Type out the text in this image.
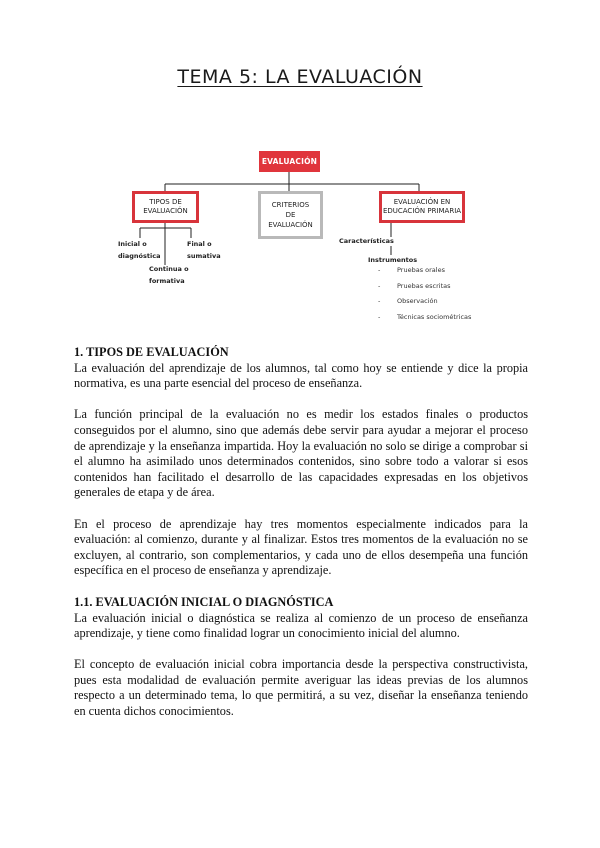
TEMA 5: LA EVALUACIÓN
EVALUACIÓN
TIPOS DE
EVALUACIÓN
CRITERIOS
DE
EVALUACIÓN
EVALUACIÓN EN
EDUCACIÓN PRIMARIA
Inicial o
diagnóstica
Final o
sumativa
Continua o
formativa
Características
Instrumentos
- Pruebas orales
- Pruebas escritas
- Observación
- Técnicas sociométricas
1. TIPOS DE EVALUACIÓN

La evaluación del aprendizaje de los alumnos, tal como hoy se entiende y dice la propia normativa, es una parte esencial del proceso de enseñanza.

La función principal de la evaluación no es medir los estados finales o productos conseguidos por el alumno, sino que además debe servir para ayudar a mejorar el proceso de aprendizaje y la enseñanza impartida. Hoy la evaluación no solo se dirige a comprobar si el alumno ha asimilado unos determinados contenidos, sino sobre todo a valorar si esos contenidos han facilitado el desarrollo de las capacidades expresadas en los objetivos generales de etapa y de área.

En el proceso de aprendizaje hay tres momentos especialmente indicados para la evaluación: al comienzo, durante y al finalizar. Estos tres momentos de la evaluación no se excluyen, al contrario, son complementarios, y cada uno de ellos desempeña una función específica en el proceso de enseñanza y aprendizaje.

1.1. EVALUACIÓN INICIAL O DIAGNÓSTICA

La evaluación inicial o diagnóstica se realiza al comienzo de un proceso de enseñanza aprendizaje, y tiene como finalidad lograr un conocimiento inicial del alumno.

El concepto de evaluación inicial cobra importancia desde la perspectiva constructivista, pues esta modalidad de evaluación permite averiguar las ideas previas de los alumnos respecto a un determinado tema, lo que permitirá, a su vez, diseñar la enseñanza teniendo en cuenta dichos conocimientos.
